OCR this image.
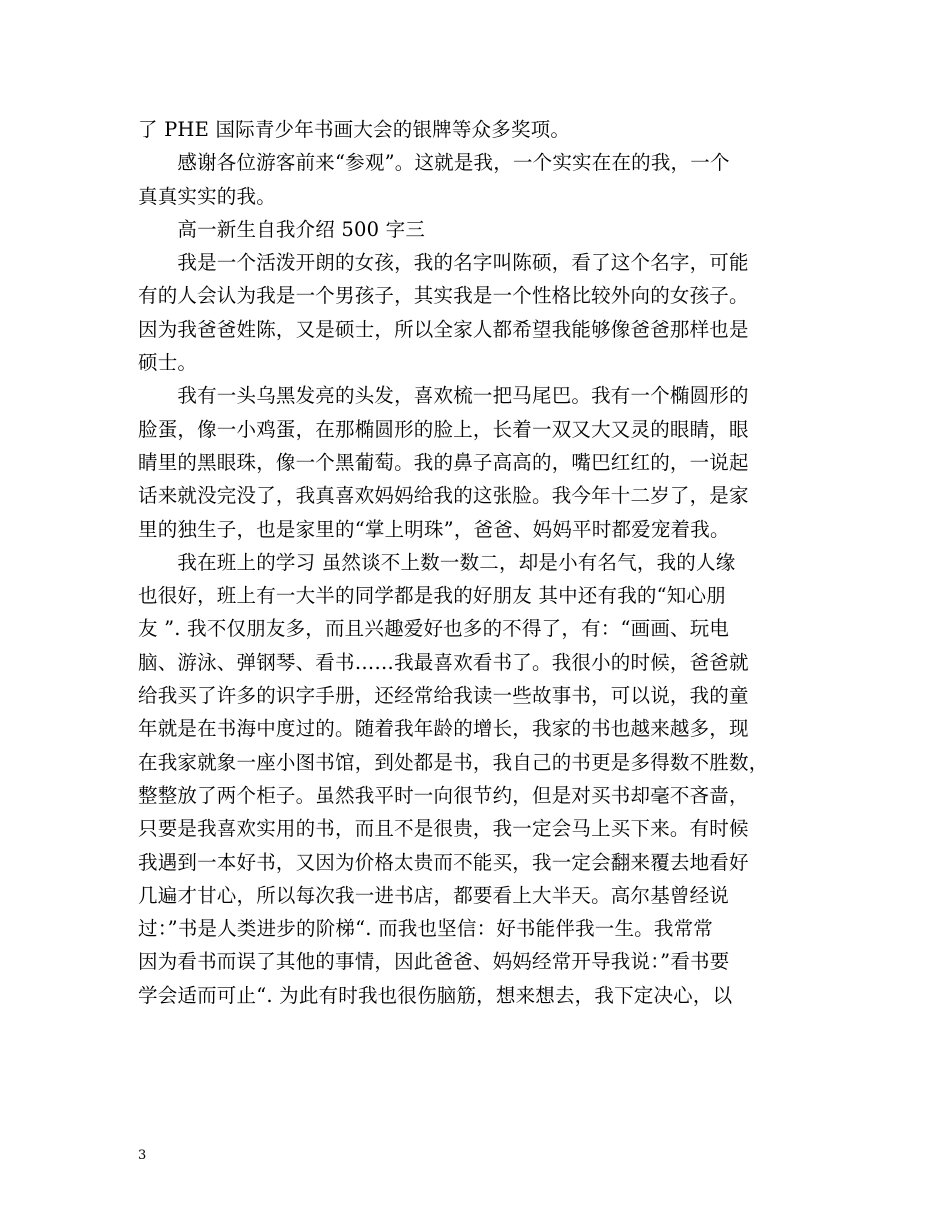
了 PHE 国际青少年书画大会的银牌等众多奖项。
　　感谢各位游客前来“参观”。这就是我，一个实实在在的我，一个
真真实实的我。
　　高一新生自我介绍 500 字三
　　我是一个活泼开朗的女孩，我的名字叫陈硕，看了这个名字，可能
有的人会认为我是一个男孩子，其实我是一个性格比较外向的女孩子。
因为我爸爸姓陈，又是硕士，所以全家人都希望我能够像爸爸那样也是
硕士。
　　我有一头乌黑发亮的头发，喜欢梳一把马尾巴。我有一个椭圆形的
脸蛋，像一小鸡蛋，在那椭圆形的脸上，长着一双又大又灵的眼睛，眼
睛里的黑眼珠，像一个黑葡萄。我的鼻子高高的，嘴巴红红的，一说起
话来就没完没了，我真喜欢妈妈给我的这张脸。我今年十二岁了，是家
里的独生子，也是家里的“掌上明珠”，爸爸、妈妈平时都爱宠着我。
　　我在班上的学习 虽然谈不上数一数二，却是小有名气，我的人缘
也很好，班上有一大半的同学都是我的好朋友 其中还有我的“知心朋
友 ”. 我不仅朋友多，而且兴趣爱好也多的不得了，有：“画画、玩电
脑、游泳、弹钢琴、看书……我最喜欢看书了。我很小的时候，爸爸就
给我买了许多的识字手册，还经常给我读一些故事书，可以说，我的童
年就是在书海中度过的。随着我年龄的增长，我家的书也越来越多，现
在我家就象一座小图书馆，到处都是书，我自己的书更是多得数不胜数，
整整放了两个柜子。虽然我平时一向很节约，但是对买书却毫不吝啬，
只要是我喜欢实用的书，而且不是很贵，我一定会马上买下来。有时候
我遇到一本好书，又因为价格太贵而不能买，我一定会翻来覆去地看好
几遍才甘心，所以每次我一进书店，都要看上大半天。高尔基曾经说
过：”书是人类进步的阶梯“. 而我也坚信：好书能伴我一生。我常常
因为看书而误了其他的事情，因此爸爸、妈妈经常开导我说：”看书要
学会适而可止“. 为此有时我也很伤脑筋，想来想去，我下定决心，以
3
